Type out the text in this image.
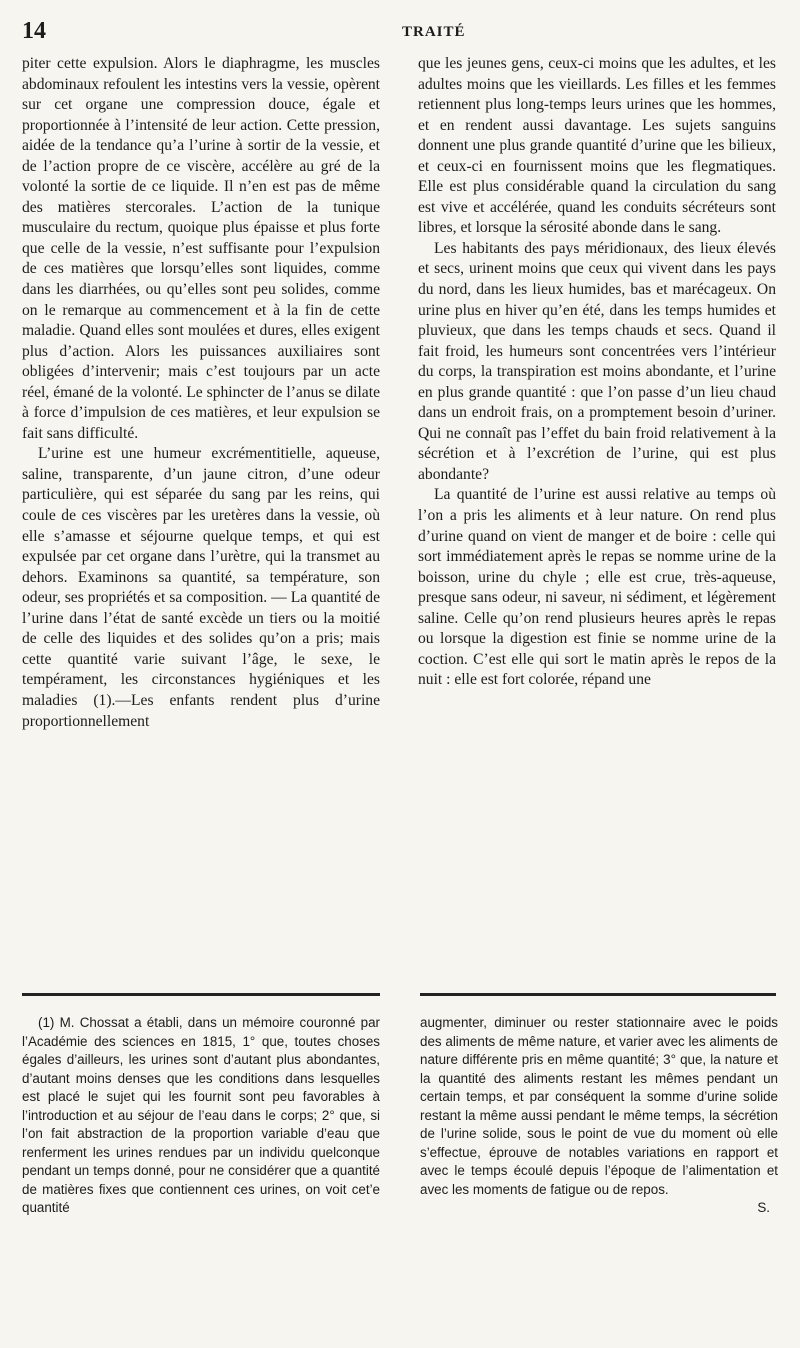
14	TRAITÉ

piter cette expulsion. Alors le diaphragme, les muscles abdominaux refoulent les intestins vers la vessie, opèrent sur cet organe une compression douce, égale et proportionnée à l’intensité de leur action. Cette pression, aidée de la tendance qu’a l’urine à sortir de la vessie, et de l’action propre de ce viscère, accélère au gré de la volonté la sortie de ce liquide. Il n’en est pas de même des matières stercorales. L’action de la tunique musculaire du rectum, quoique plus épaisse et plus forte que celle de la vessie, n’est suffisante pour l’expulsion de ces matières que lorsqu’elles sont liquides, comme dans les diarrhées, ou qu’elles sont peu solides, comme on le remarque au commencement et à la fin de cette maladie. Quand elles sont moulées et dures, elles exigent plus d’action. Alors les puissances auxiliaires sont obligées d’intervenir; mais c’est toujours par un acte réel, émané de la volonté. Le sphincter de l’anus se dilate à force d’impulsion de ces matières, et leur expulsion se fait sans difficulté.

L’urine est une humeur excrémentitielle, aqueuse, saline, transparente, d’un jaune citron, d’une odeur particulière, qui est séparée du sang par les reins, qui coule de ces viscères par les uretères dans la vessie, où elle s’amasse et séjourne quelque temps, et qui est expulsée par cet organe dans l’urètre, qui la transmet au dehors. Examinons sa quantité, sa température, son odeur, ses propriétés et sa composition. — La quantité de l’urine dans l’état de santé excède un tiers ou la moitié de celle des liquides et des solides qu’on a pris; mais cette quantité varie suivant l’âge, le sexe, le tempérament, les circonstances hygiéniques et les maladies (1).—Les enfants rendent plus d’urine proportionnellement

que les jeunes gens, ceux-ci moins que les adultes, et les adultes moins que les vieillards. Les filles et les femmes retiennent plus long-temps leurs urines que les hommes, et en rendent aussi davantage. Les sujets sanguins donnent une plus grande quantité d’urine que les bilieux, et ceux-ci en fournissent moins que les flegmatiques. Elle est plus considérable quand la circulation du sang est vive et accélérée, quand les conduits sécréteurs sont libres, et lorsque la sérosité abonde dans le sang.

Les habitants des pays méridionaux, des lieux élevés et secs, urinent moins que ceux qui vivent dans les pays du nord, dans les lieux humides, bas et marécageux. On urine plus en hiver qu’en été, dans les temps humides et pluvieux, que dans les temps chauds et secs. Quand il fait froid, les humeurs sont concentrées vers l’intérieur du corps, la transpiration est moins abondante, et l’urine en plus grande quantité : que l’on passe d’un lieu chaud dans un endroit frais, on a promptement besoin d’uriner. Qui ne connaît pas l’effet du bain froid relativement à la sécrétion et à l’excrétion de l’urine, qui est plus abondante?

La quantité de l’urine est aussi relative au temps où l’on a pris les aliments et à leur nature. On rend plus d’urine quand on vient de manger et de boire : celle qui sort immédiatement après le repas se nomme urine de la boisson, urine du chyle ; elle est crue, très-aqueuse, presque sans odeur, ni saveur, ni sédiment, et légèrement saline. Celle qu’on rend plusieurs heures après le repas ou lorsque la digestion est finie se nomme urine de la coction. C’est elle qui sort le matin après le repos de la nuit : elle est fort colorée, répand une

(1) M. Chossat a établi, dans un mémoire couronné par l’Académie des sciences en 1815, 1° que, toutes choses égales d’ailleurs, les urines sont d’autant plus abondantes, d’autant moins denses que les conditions dans lesquelles est placé le sujet qui les fournit sont peu favorables à l’introduction et au séjour de l’eau dans le corps; 2° que, si l’on fait abstraction de la proportion variable d’eau que renferment les urines rendues par un individu quelconque pendant un temps donné, pour ne considérer que a quantité de matières fixes que contiennent ces urines, on voit cet’e quantité

augmenter, diminuer ou rester stationnaire avec le poids des aliments de même nature, et varier avec les aliments de nature différente pris en même quantité; 3° que, la nature et la quantité des aliments restant les mêmes pendant un certain temps, et par conséquent la somme d’urine solide restant la même aussi pendant le même temps, la sécrétion de l’urine solide, sous le point de vue du moment où elle s’effectue, éprouve de notables variations en rapport et avec le temps écoulé depuis l’époque de l’alimentation et avec les moments de fatigue ou de repos.

S.
